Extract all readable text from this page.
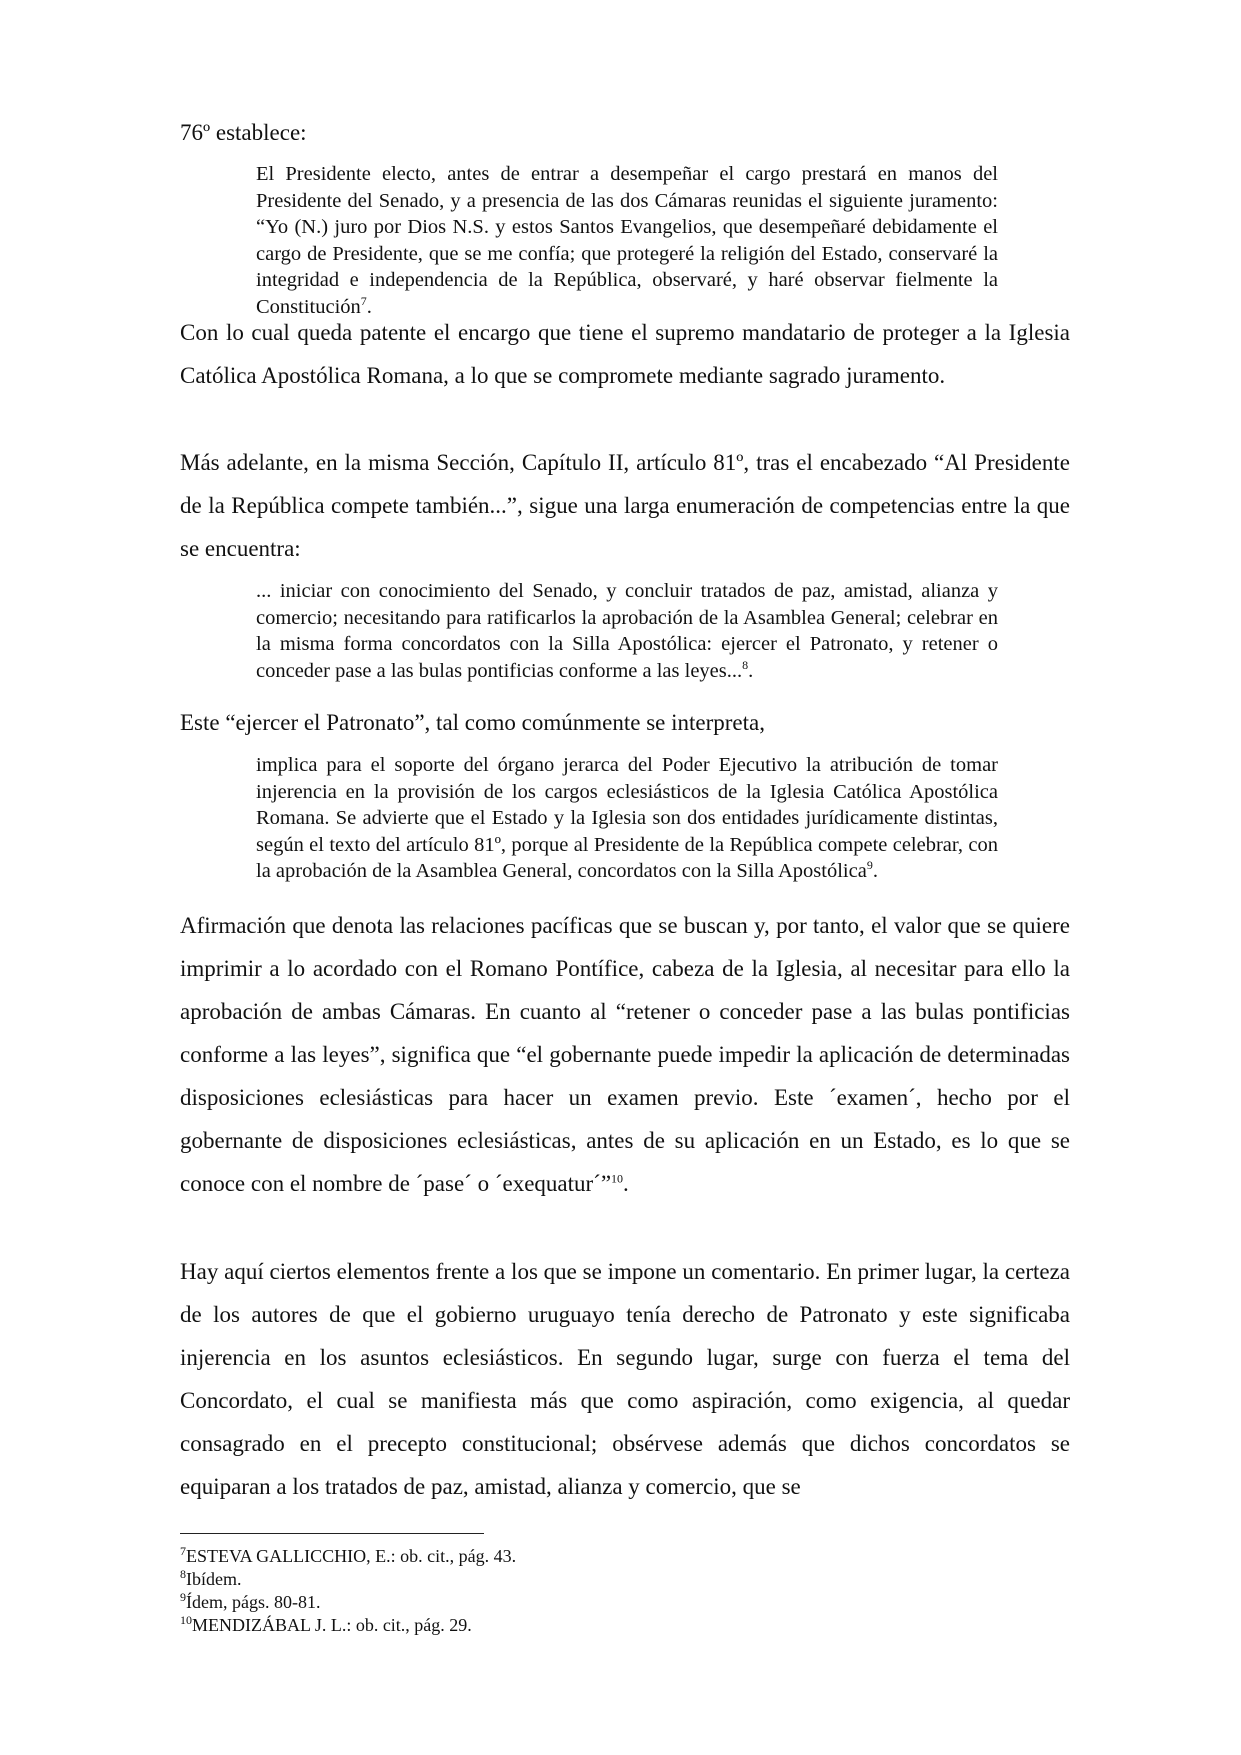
76º establece:

El Presidente electo, antes de entrar a desempeñar el cargo prestará en manos del Presidente del Senado, y a presencia de las dos Cámaras reunidas el siguiente juramento: “Yo (N.) juro por Dios N.S. y estos Santos Evangelios, que desempeñaré debidamente el cargo de Presidente, que se me confía; que protegeré la religión del Estado, conservaré la integridad e independencia de la República, observaré, y haré observar fielmente la Constitución$^7$.

Con lo cual queda patente el encargo que tiene el supremo mandatario de proteger a la Iglesia Católica Apostólica Romana, a lo que se compromete mediante sagrado juramento.

Más adelante, en la misma Sección, Capítulo II, artículo 81º, tras el encabezado “Al Presidente de la República compete también...”, sigue una larga enumeración de competencias entre la que se encuentra:

... iniciar con conocimiento del Senado, y concluir tratados de paz, amistad, alianza y comercio; necesitando para ratificarlos la aprobación de la Asamblea General; celebrar en la misma forma concordatos con la Silla Apostólica: ejercer el Patronato, y retener o conceder pase a las bulas pontificias conforme a las leyes...$^8$.

Este “ejercer el Patronato”, tal como comúnmente se interpreta,

implica para el soporte del órgano jerarca del Poder Ejecutivo la atribución de tomar injerencia en la provisión de los cargos eclesiásticos de la Iglesia Católica Apostólica Romana. Se advierte que el Estado y la Iglesia son dos entidades jurídicamente distintas, según el texto del artículo 81º, porque al Presidente de la República compete celebrar, con la aprobación de la Asamblea General, concordatos con la Silla Apostólica$^9$.

Afirmación que denota las relaciones pacíficas que se buscan y, por tanto, el valor que se quiere imprimir a lo acordado con el Romano Pontífice, cabeza de la Iglesia, al necesitar para ello la aprobación de ambas Cámaras. En cuanto al “retener o conceder pase a las bulas pontificias conforme a las leyes”, significa que “el gobernante puede impedir la aplicación de determinadas disposiciones eclesiásticas para hacer un examen previo. Este ´examen´, hecho por el gobernante de disposiciones eclesiásticas, antes de su aplicación en un Estado, es lo que se conoce con el nombre de ´pase´ o ´exequatur´”$^{10}$.

Hay aquí ciertos elementos frente a los que se impone un comentario. En primer lugar, la certeza de los autores de que el gobierno uruguayo tenía derecho de Patronato y este significaba injerencia en los asuntos eclesiásticos. En segundo lugar, surge con fuerza el tema del Concordato, el cual se manifiesta más que como aspiración, como exigencia, al quedar consagrado en el precepto constitucional; obsérvese además que dichos concordatos se equiparan a los tratados de paz, amistad, alianza y comercio, que se

$^7$ESTEVA GALLICCHIO, E.: ob. cit., pág. 43.
$^8$Ibídem.
$^9$Ídem, págs. 80-81.
$^{10}$MENDIZÁBAL J. L.: ob. cit., pág. 29.
